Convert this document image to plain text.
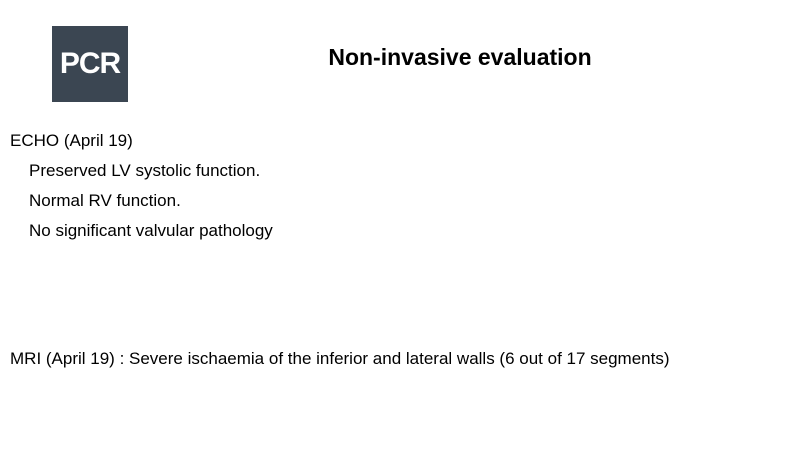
PCR	Non-invasive evaluation

ECHO (April 19)

Preserved LV systolic function.

Normal RV function.

No significant valvular pathology

MRI (April 19) : Severe ischaemia of the inferior and lateral walls (6 out of 17 segments)
